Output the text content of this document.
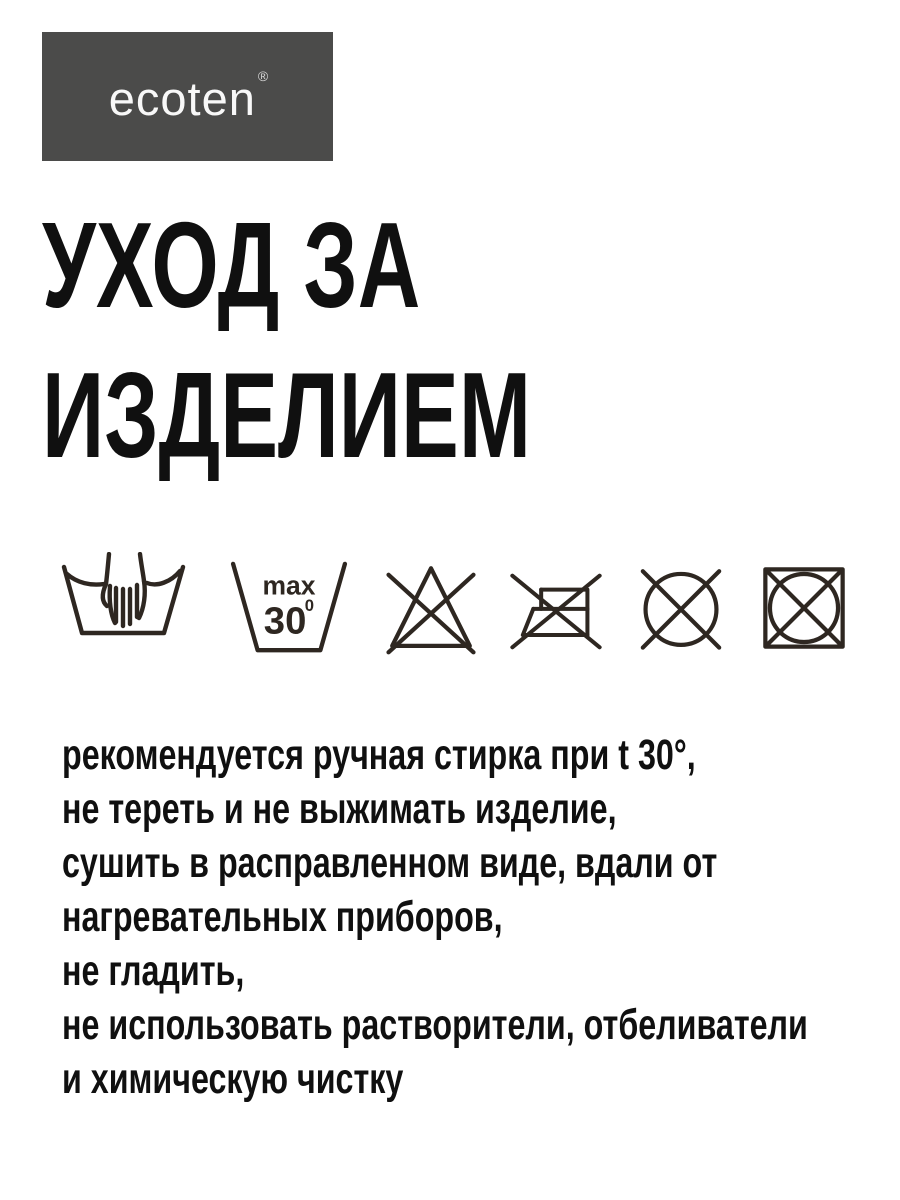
ecoten ®
УХОД ЗА
ИЗДЕЛИЕМ
max
30
0
рекомендуется ручная стирка при t 30°,
не тереть и не выжимать изделие,
сушить в расправленном виде, вдали от
нагревательных приборов,
не гладить,
не использовать растворители, отбеливатели
и химическую чистку
